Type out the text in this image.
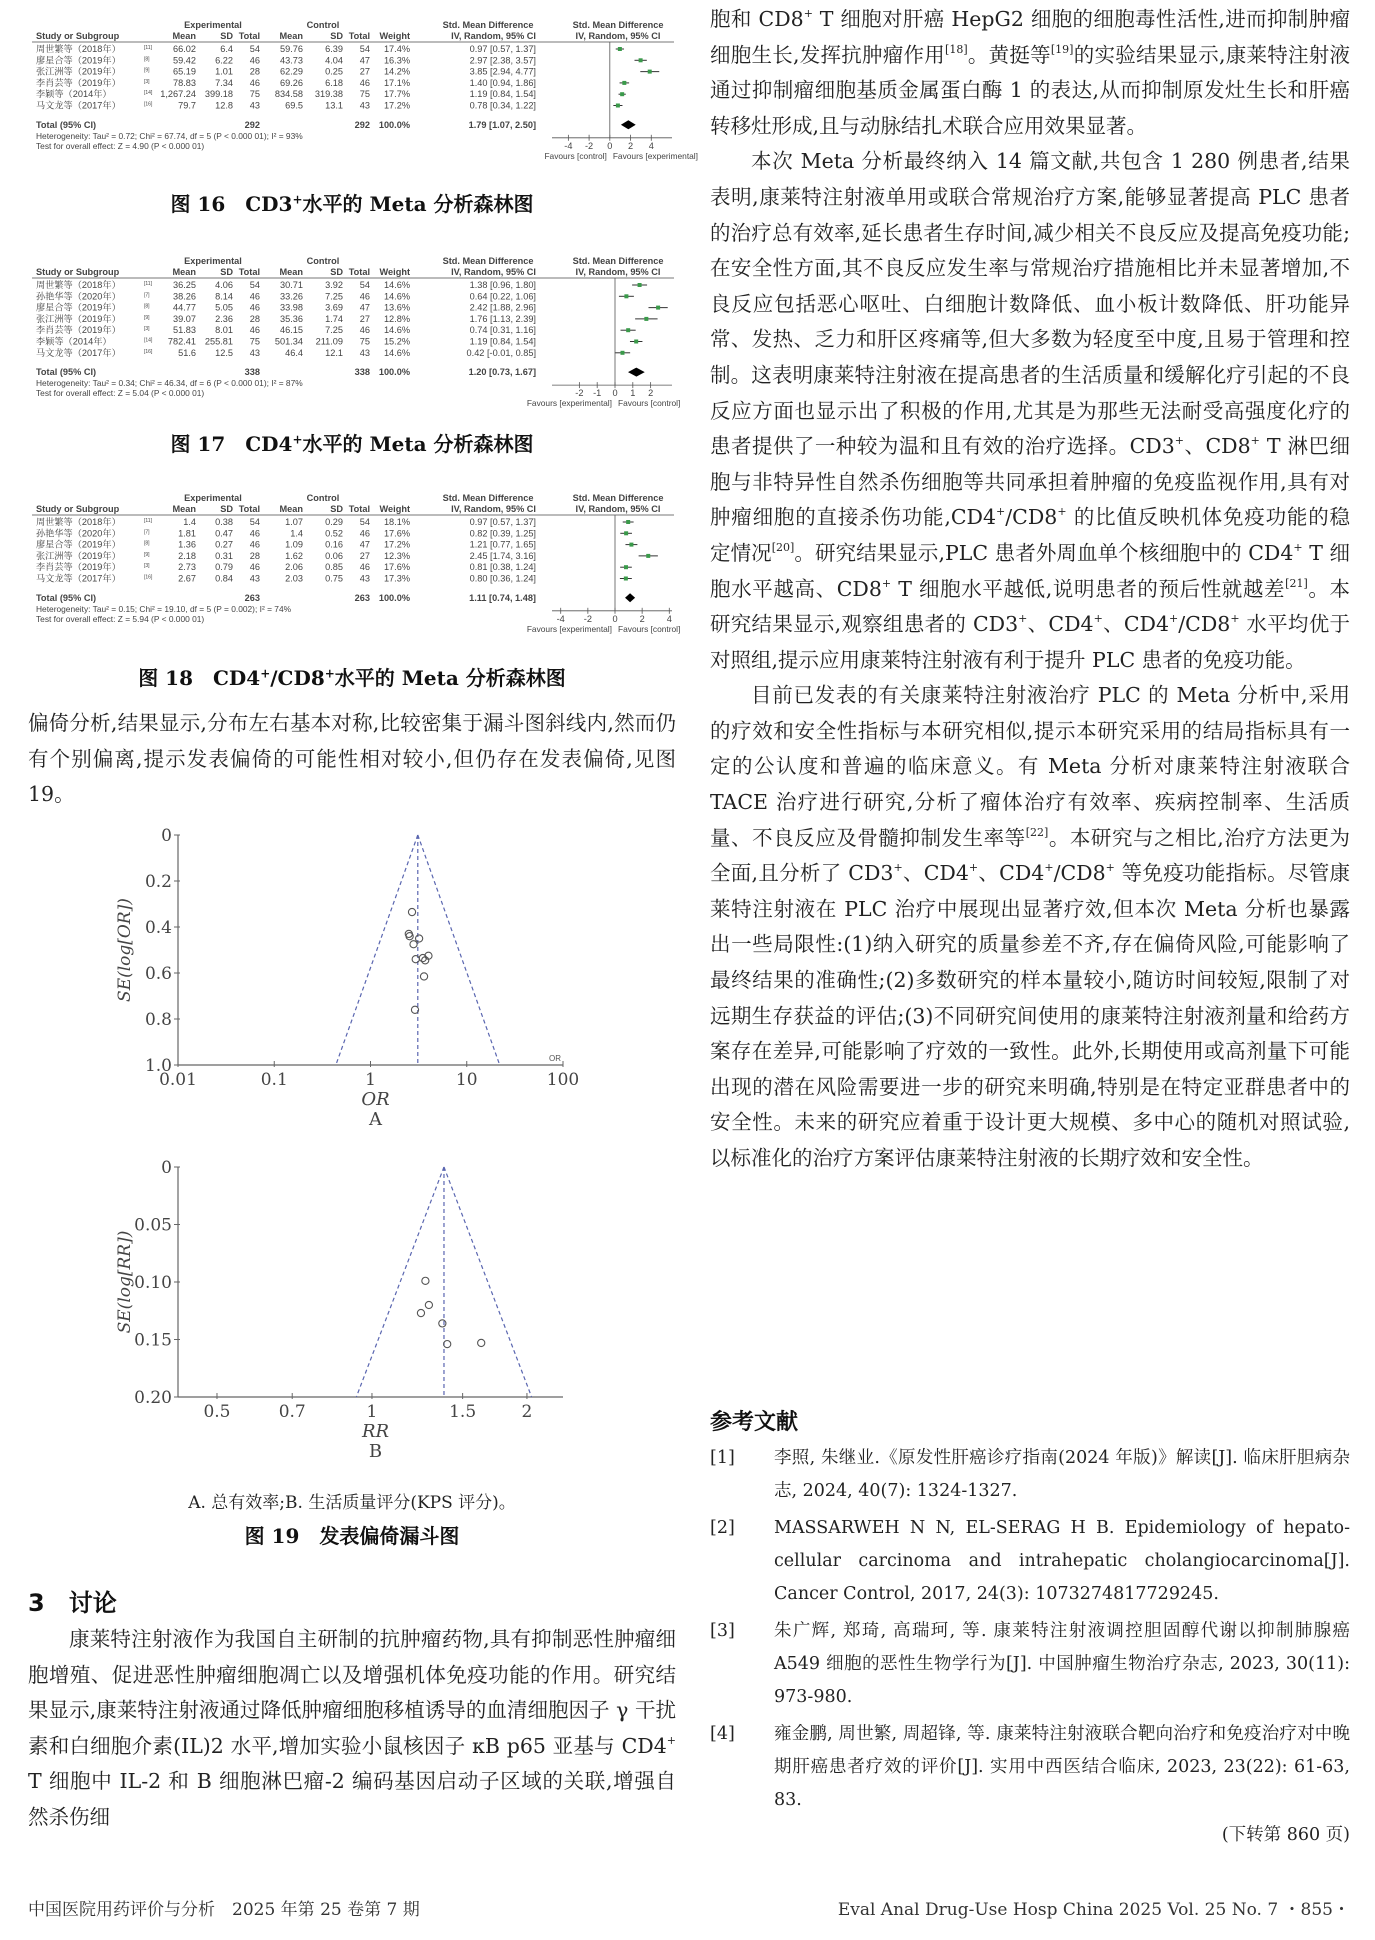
Experimental	Control	Std. Mean Difference	Std. Mean Difference
Study or Subgroup	Mean	SD Total Mean	SD Total Weight	IV, Random, 95% CI	IV, Random, 95% CI
周世繁等（2018年）	[11] 66.02	6.4 54 59.76 6.39 54 17.4%	0.97 [0.57, 1.37]
廖星合等（2019年）	[8]	59.42 6.22 46 43.73 4.04 47 16.3%	2.97 [2.38, 3.57]
张江洲等（2019年）	[9]	65.19 1.01 28 62.29 0.25 27 14.2%	3.85 [2.94, 4.77]
李肖芸等（2019年）	[3]	78.83 7.34 46 69.26 6.18 46 17.1%	1.40 [0.94, 1.86]
李颖等（2014年）	[14] 1,267.24 399.18 75 834.58 319.38 75 17.7%	1.19 [0.84, 1.54]
马文龙等（2017年）	[16]	79.7 12.8 43	69.5 13.1 43 17.2%	0.78 [0.34, 1.22]
Total (95% CI)	292	292 100.0%	1.79 [1.07, 2.50]
Heterogeneity: Tau² = 0.72; Chi² = 67.74, df = 5 (P < 0.000 01); I² = 93%
Test for overall effect: Z = 4.90 (P < 0.000 01)	-4 -2 0 2 4
Favours [control] Favours [experimental]
图 16　 CD3+水平的 Meta 分析森林图
Experimental	Control	Std. Mean Difference	Std. Mean Difference
Study or Subgroup	Mean	SD Total Mean	SD Total Weight	IV, Random, 95% CI	IV, Random, 95% CI
周世繁等（2018年）	[11] 36.25 4.06 54 30.71 3.92 54 14.6%	1.38 [0.96, 1.80]
孙艳华等（2020年）	[7]	38.26 8.14 46 33.26 7.25 46 14.6%	0.64 [0.22, 1.06]
廖星合等（2019年）	[8]	44.77 5.05 46 33.98 3.69 47 13.6%	2.42 [1.88, 2.96]
张江洲等（2019年）	[9]	39.07 2.36 28 35.36 1.74 27 12.8%	1.76 [1.13, 2.39]
李肖芸等（2019年）	[3]	51.83 8.01 46 46.15 7.25 46 14.6%	0.74 [0.31, 1.16]
李颖等（2014年）	[14] 782.41 255.81 75 501.34 211.09 75 15.2%	1.19 [0.84, 1.54]
马文龙等（2017年）	[16]	51.6 12.5 43	46.4 12.1 43 14.6%	0.42 [-0.01, 0.85]
Total (95% CI)	338	338 100.0%	1.20 [0.73, 1.67]
Heterogeneity: Tau² = 0.34; Chi² = 46.34, df = 6 (P < 0.000 01); I² = 87%
Test for overall effect: Z = 5.04 (P < 0.000 01)	-2 -1 0 1 2
Favours [experimental] Favours [control]
图 17　 CD4+水平的 Meta 分析森林图
Experimental	Control	Std. Mean Difference	Std. Mean Difference
Study or Subgroup	Mean	SD Total Mean	SD Total Weight	IV, Random, 95% CI	IV, Random, 95% CI
周世繁等（2018年）	[11]	1.4 0.38 54	1.07 0.29 54 18.1%	0.97 [0.57, 1.37]
孙艳华等（2020年）	[7]	1.81 0.47 46	1.4 0.52 46 17.6%	0.82 [0.39, 1.25]
廖星合等（2019年）	[8]	1.36 0.27 46	1.09 0.16 47 17.2%	1.21 [0.77, 1.65]
张江洲等（2019年）	[9]	2.18 0.31 28	1.62 0.06 27 12.3%	2.45 [1.74, 3.16]
李肖芸等（2019年）	[3]	2.73 0.79 46	2.06 0.85 46 17.6%	0.81 [0.38, 1.24]
马文龙等（2017年）	[16]	2.67 0.84 43	2.03 0.75 43 17.3%	0.80 [0.36, 1.24]
Total (95% CI)	263	263 100.0%	1.11 [0.74, 1.48]
Heterogeneity: Tau² = 0.15; Chi² = 19.10, df = 5 (P = 0.002); I² = 74%
Test for overall effect: Z = 5.94 (P < 0.000 01)	-4 -2 0 2 4
Favours [experimental] Favours [control]
图 18　 CD4+/CD8+水平的 Meta 分析森林图

偏倚分析,结果显示,分布左右基本对称,比较密集于漏斗图斜线内,然而仍有个别偏离,提示发表偏倚的可能性相对较小,但仍存在发表偏倚,见图 19。

0
0.2
0.4
0.6
0.8
1.0
0.01	0.1	1	10	100
OR
OR
A
SE(log[OR])
0
0.05
0.10
0.15
0.20
0.5	0.7	1	1.5	2
RR
B
SE(log[RR])
A. 总有效率;B. 生活质量评分(KPS 评分)。
图 19　发表偏倚漏斗图
3　讨论

康莱特注射液作为我国自主研制的抗肿瘤药物,具有抑制恶性肿瘤细胞增殖、促进恶性肿瘤细胞凋亡以及增强机体免疫功能的作用。研究结果显示,康莱特注射液通过降低肿瘤细胞移植诱导的血清细胞因子 γ 干扰素和白细胞介素(IL)2 水平,增加实验小鼠核因子 κB p65 亚基与 CD4+ T 细胞中 IL-2 和 B 细胞淋巴瘤-2 编码基因启动子区域的关联,增强自然杀伤细

中国医院用药评价与分析　2025 年第 25 卷第 7 期

胞和 CD8+ T 细胞对肝癌 HepG2 细胞的细胞毒性活性,进而抑制肿瘤细胞生长,发挥抗肿瘤作用[18]。黄挺等[19]的实验结果显示,康莱特注射液通过抑制瘤细胞基质金属蛋白酶 1 的表达,从而抑制原发灶生长和肝癌转移灶形成,且与动脉结扎术联合应用效果显著。

本次 Meta 分析最终纳入 14 篇文献,共包含 1 280 例患者,结果表明,康莱特注射液单用或联合常规治疗方案,能够显著提高 PLC 患者的治疗总有效率,延长患者生存时间,减少相关不良反应及提高免疫功能;在安全性方面,其不良反应发生率与常规治疗措施相比并未显著增加,不良反应包括恶心呕吐、白细胞计数降低、血小板计数降低、肝功能异常、发热、乏力和肝区疼痛等,但大多数为轻度至中度,且易于管理和控制。这表明康莱特注射液在提高患者的生活质量和缓解化疗引起的不良反应方面也显示出了积极的作用,尤其是为那些无法耐受高强度化疗的患者提供了一种较为温和且有效的治疗选择。CD3+、CD8+ T 淋巴细胞与非特异性自然杀伤细胞等共同承担着肿瘤的免疫监视作用,具有对肿瘤细胞的直接杀伤功能,CD4+/CD8+ 的比值反映机体免疫功能的稳定情况[20]。研究结果显示,PLC 患者外周血单个核细胞中的 CD4+ T 细胞水平越高、CD8+ T 细胞水平越低,说明患者的预后性就越差[21]。本研究结果显示,观察组患者的 CD3+、CD4+、CD4+/CD8+ 水平均优于对照组,提示应用康莱特注射液有利于提升 PLC 患者的免疫功能。

目前已发表的有关康莱特注射液治疗 PLC 的 Meta 分析中,采用的疗效和安全性指标与本研究相似,提示本研究采用的结局指标具有一定的公认度和普遍的临床意义。有 Meta 分析对康莱特注射液联合 TACE 治疗进行研究,分析了瘤体治疗有效率、疾病控制率、生活质量、不良反应及骨髓抑制发生率等[22]。本研究与之相比,治疗方法更为全面,且分析了 CD3+、CD4+、CD4+/CD8+ 等免疫功能指标。尽管康莱特注射液在 PLC 治疗中展现出显著疗效,但本次 Meta 分析也暴露出一些局限性:(1)纳入研究的质量参差不齐,存在偏倚风险,可能影响了最终结果的准确性;(2)多数研究的样本量较小,随访时间较短,限制了对远期生存获益的评估;(3)不同研究间使用的康莱特注射液剂量和给药方案存在差异,可能影响了疗效的一致性。此外,长期使用或高剂量下可能出现的潜在风险需要进一步的研究来明确,特别是在特定亚群患者中的安全性。未来的研究应着重于设计更大规模、多中心的随机对照试验,以标准化的治疗方案评估康莱特注射液的长期疗效和安全性。

参考文献
[1]	李照, 朱继业.《原发性肝癌诊疗指南(2024 年版)》解读[J]. 临床肝胆病杂志, 2024, 40(7): 1324-1327.
[2]	MASSARWEH N N, EL-SERAG H B. Epidemiology of hepato-cellular carcinoma and intrahepatic cholangiocarcinoma[J]. Cancer Control, 2017, 24(3): 1073274817729245.
[3]	朱广辉, 郑琦, 高瑞珂, 等. 康莱特注射液调控胆固醇代谢以抑制肺腺癌 A549 细胞的恶性生物学行为[J]. 中国肿瘤生物治疗杂志, 2023, 30(11): 973-980.
[4]	雍金鹏, 周世繁, 周超锋, 等. 康莱特注射液联合靶向治疗和免疫治疗对中晚期肝癌患者疗效的评价[J]. 实用中西医结合临床, 2023, 23(22): 61-63, 83.
(下转第 860 页)
Eval Anal Drug-Use Hosp China 2025 Vol. 25 No. 7 ・855・
